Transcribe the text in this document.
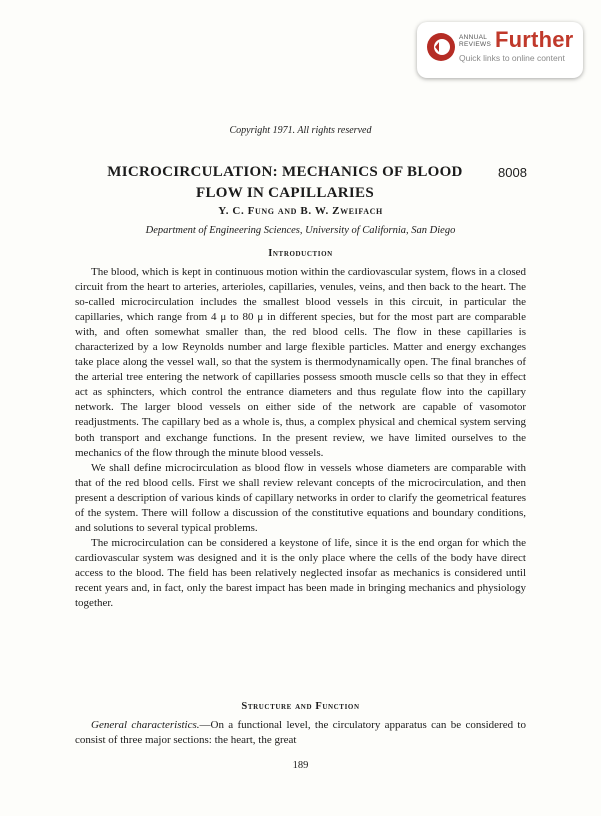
ANNUAL
REVIEWS Further
Quick links to online content
Copyright 1971. All rights reserved
MICROCIRCULATION: MECHANICS OF BLOOD
FLOW IN CAPILLARIES
8008
Y. C. Fung and B. W. Zweifach
Department of Engineering Sciences, University of California, San Diego
Introduction

The blood, which is kept in continuous motion within the cardiovascular system, flows in a closed circuit from the heart to arteries, arterioles, capillaries, venules, veins, and then back to the heart. The so-called microcirculation includes the smallest blood vessels in this circuit, in particular the capillaries, which range from 4 μ to 80 μ in different species, but for the most part are comparable with, and often somewhat smaller than, the red blood cells. The flow in these capillaries is characterized by a low Reynolds number and large flexible particles. Matter and energy exchanges take place along the vessel wall, so that the system is thermodynamically open. The final branches of the arterial tree entering the network of capillaries possess smooth muscle cells so that they in effect act as sphincters, which control the entrance diameters and thus regulate flow into the capillary network. The larger blood vessels on either side of the network are capable of vasomotor readjustments. The capillary bed as a whole is, thus, a complex physical and chemical system serving both transport and exchange functions. In the present review, we have limited ourselves to the mechanics of the flow through the minute blood vessels.

We shall define microcirculation as blood flow in vessels whose diameters are comparable with that of the red blood cells. First we shall review relevant concepts of the microcirculation, and then present a description of various kinds of capillary networks in order to clarify the geometrical features of the system. There will follow a discussion of the constitutive equations and boundary conditions, and solutions to several typical problems.

The microcirculation can be considered a keystone of life, since it is the end organ for which the cardiovascular system was designed and it is the only place where the cells of the body have direct access to the blood. The field has been relatively neglected insofar as mechanics is considered until recent years and, in fact, only the barest impact has been made in bringing mechanics and physiology together.

Structure and Function

General characteristics.—On a functional level, the circulatory apparatus can be considered to consist of three major sections: the heart, the great

189
